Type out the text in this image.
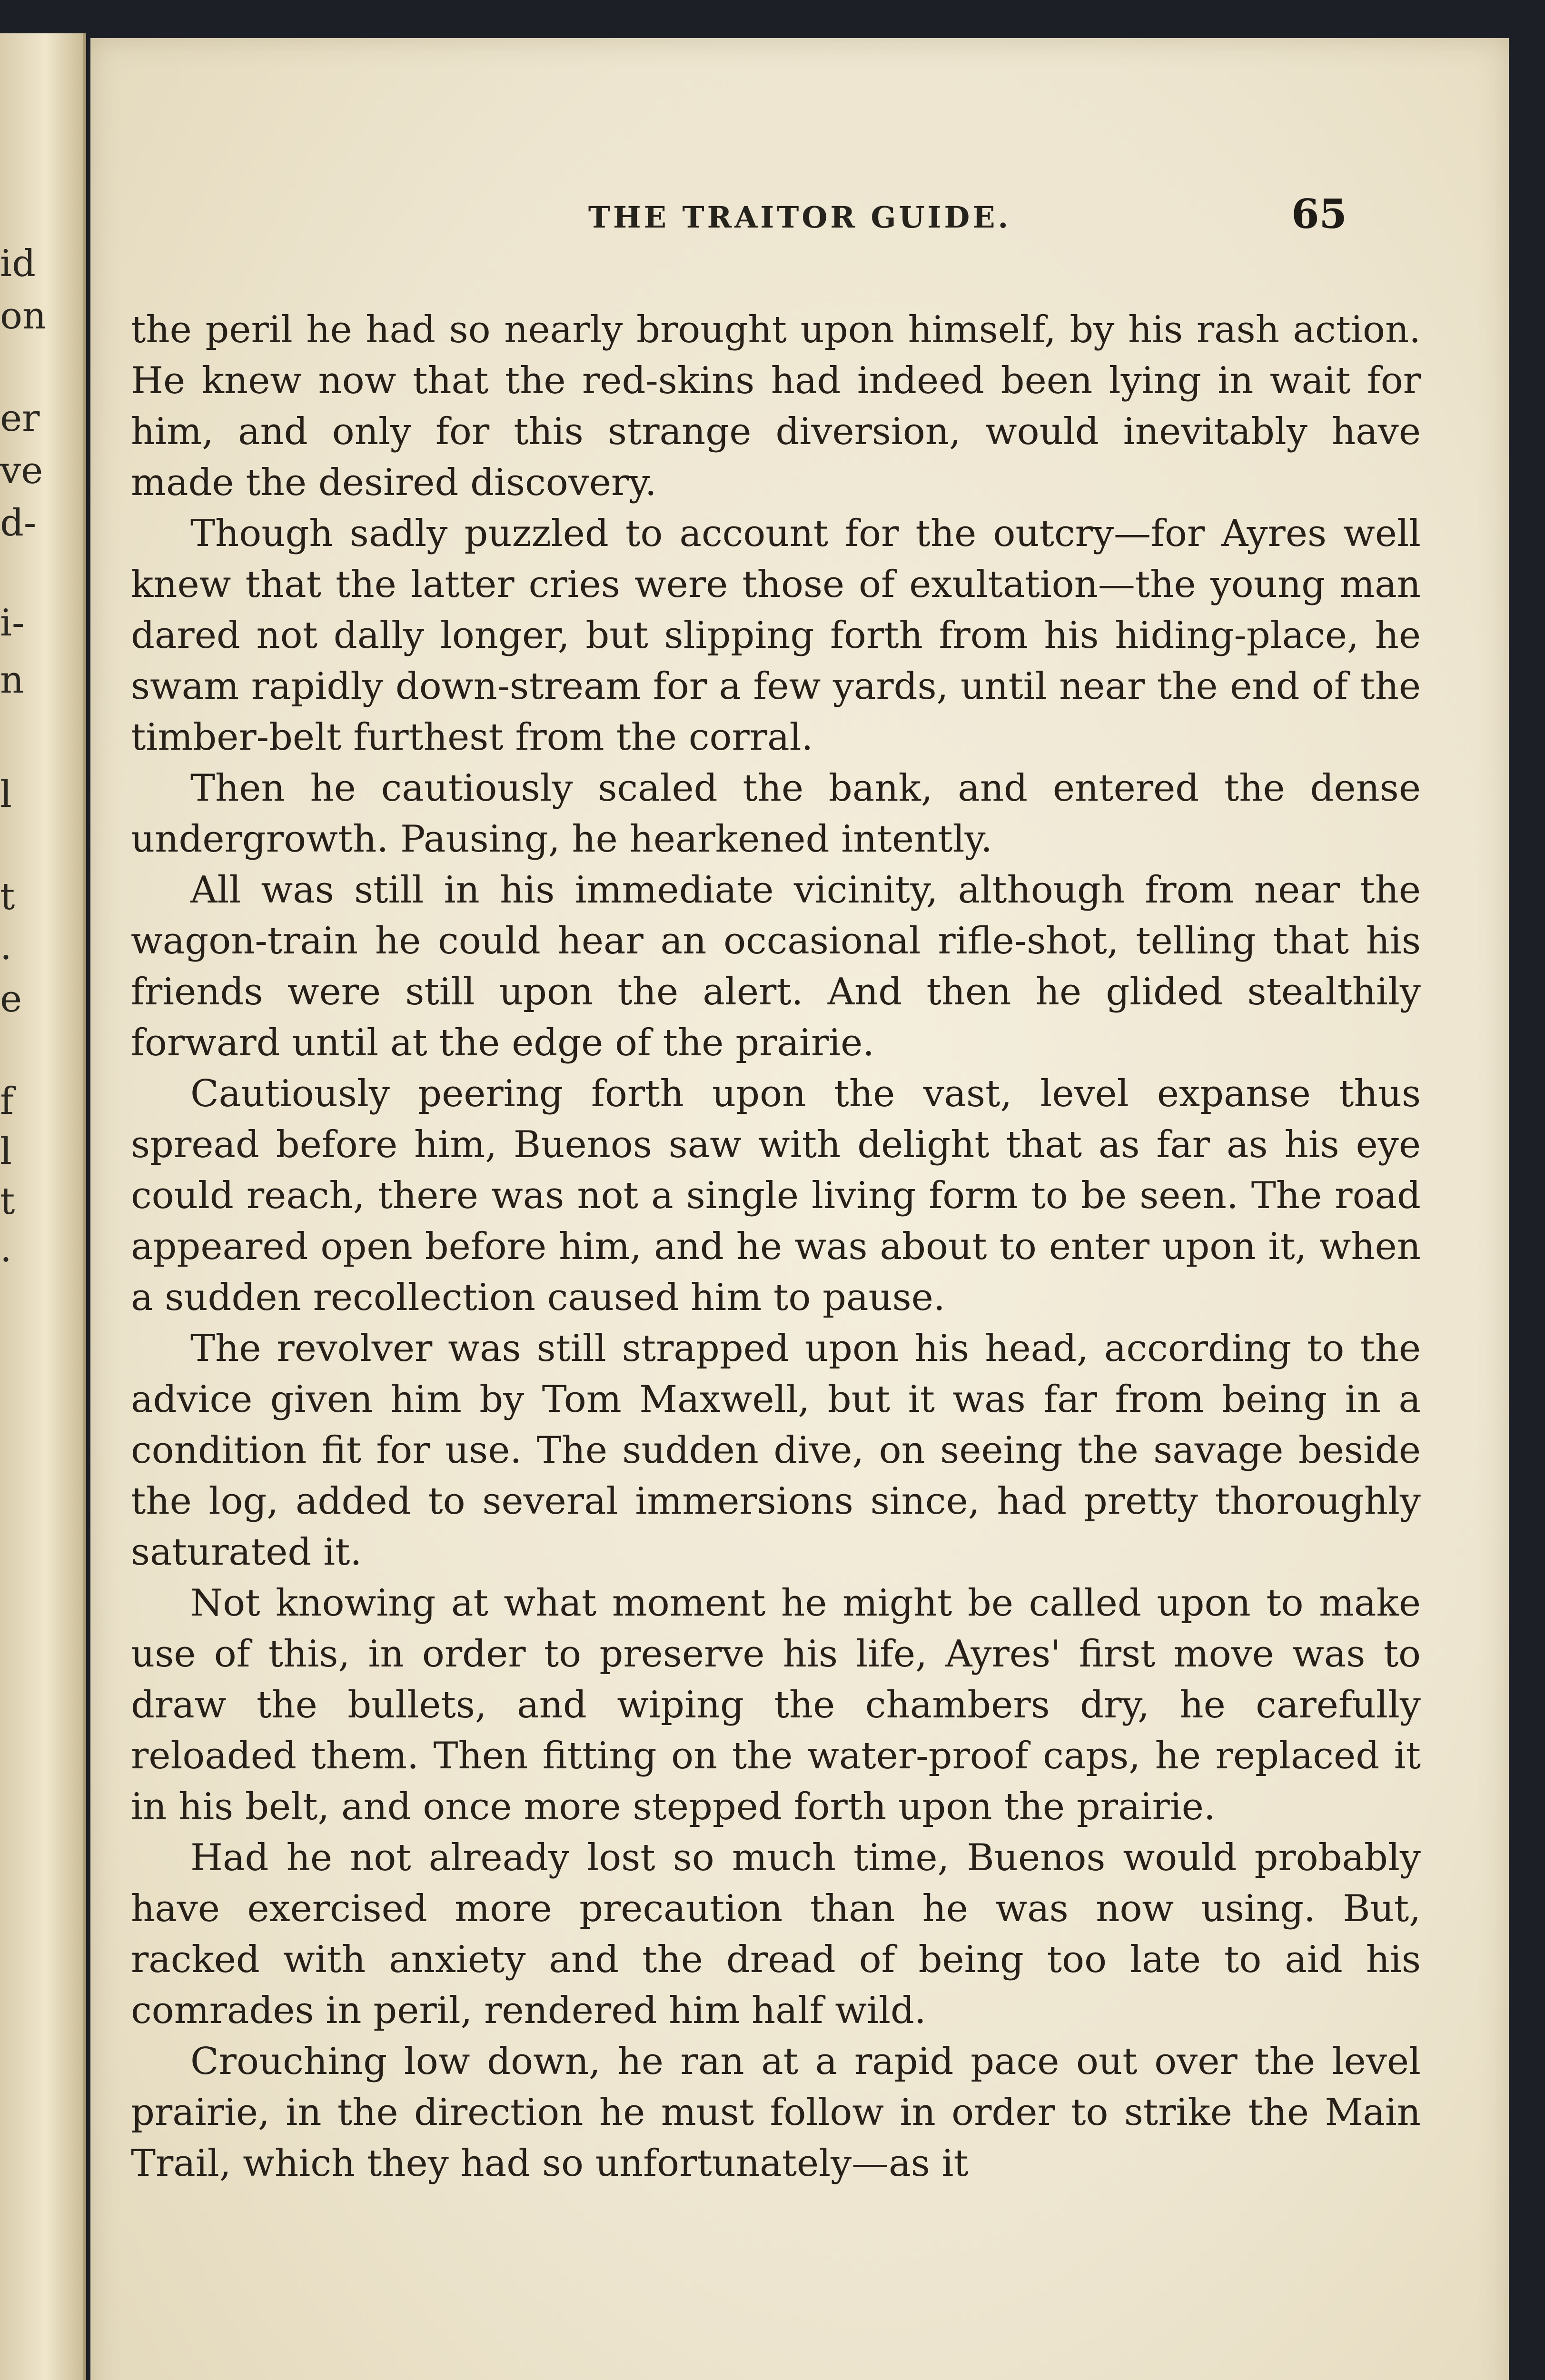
id
on
er
ve
d-
i-
n
l
t
.
e
f
l
t
.
THE TRAITOR GUIDE.	65

the peril he had so nearly brought upon himself, by his rash action. He knew now that the red-skins had indeed been lying in wait for him, and only for this strange diversion, would inevitably have made the desired discovery.

Though sadly puzzled to account for the outcry—for Ayres well knew that the latter cries were those of exultation—the young man dared not dally longer, but slipping forth from his hiding-place, he swam rapidly down-stream for a few yards, until near the end of the timber-belt furthest from the corral.

Then he cautiously scaled the bank, and entered the dense undergrowth. Pausing, he hearkened intently.

All was still in his immediate vicinity, although from near the wagon-train he could hear an occasional rifle-shot, telling that his friends were still upon the alert. And then he glided stealthily forward until at the edge of the prairie.

Cautiously peering forth upon the vast, level expanse thus spread before him, Buenos saw with delight that as far as his eye could reach, there was not a single living form to be seen. The road appeared open before him, and he was about to enter upon it, when a sudden recollection caused him to pause.

The revolver was still strapped upon his head, according to the advice given him by Tom Maxwell, but it was far from being in a condition fit for use. The sudden dive, on seeing the savage beside the log, added to several immersions since, had pretty thoroughly saturated it.

Not knowing at what moment he might be called upon to make use of this, in order to preserve his life, Ayres' first move was to draw the bullets, and wiping the chambers dry, he carefully reloaded them. Then fitting on the water-proof caps, he replaced it in his belt, and once more stepped forth upon the prairie.

Had he not already lost so much time, Buenos would probably have exercised more precaution than he was now using. But, racked with anxiety and the dread of being too late to aid his comrades in peril, rendered him half wild.

Crouching low down, he ran at a rapid pace out over the level prairie, in the direction he must follow in order to strike the Main Trail, which they had so unfortunately—as it
